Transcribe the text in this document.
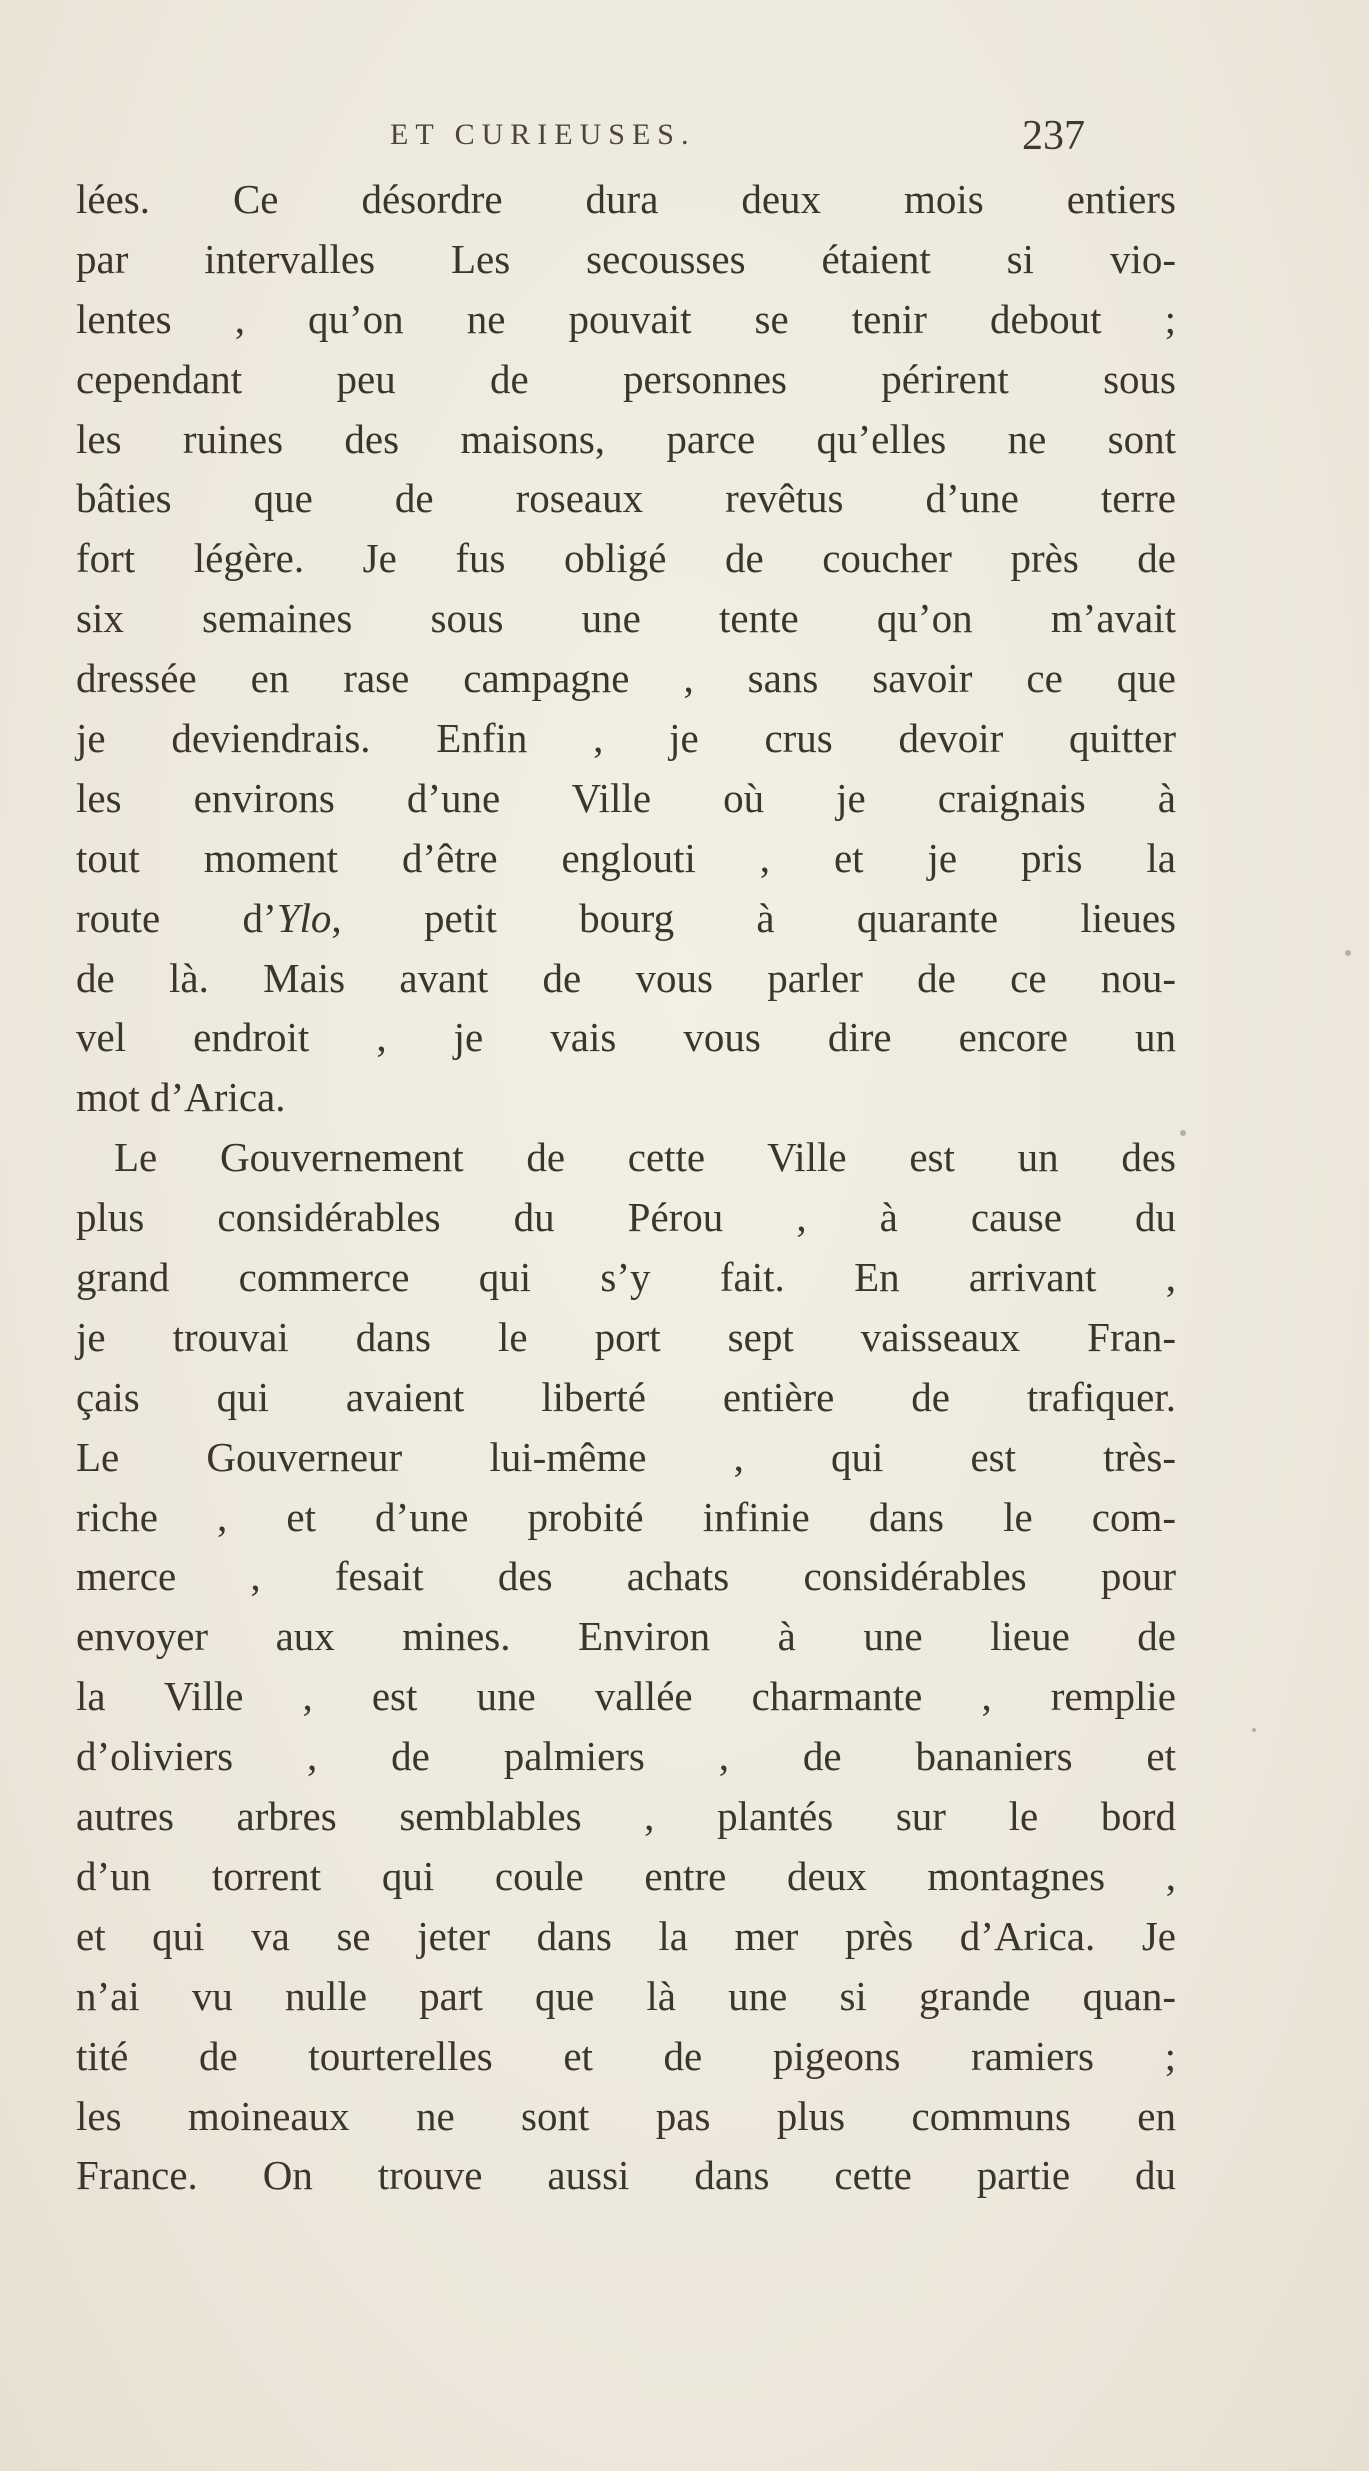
ET CURIEUSES.	237
lées. Ce désordre dura deux mois entiers
par intervalles Les secousses étaient si vio-
lentes , qu’on ne pouvait se tenir debout ;
cependant peu de personnes périrent sous
les ruines des maisons, parce qu’elles ne sont
bâties que de roseaux revêtus d’une terre
fort légère. Je fus obligé de coucher près de
six semaines sous une tente qu’on m’avait
dressée en rase campagne , sans savoir ce que
je deviendrais. Enfin , je crus devoir quitter
les environs d’une Ville où je craignais à
tout moment d’être englouti , et je pris la
route d’Ylo, petit bourg à quarante lieues
de là. Mais avant de vous parler de ce nou-
vel endroit , je vais vous dire encore un
mot d’Arica.
Le Gouvernement de cette Ville est un des
plus considérables du Pérou , à cause du
grand commerce qui s’y fait. En arrivant ,
je trouvai dans le port sept vaisseaux Fran-
çais qui avaient liberté entière de trafiquer.
Le Gouverneur lui-même , qui est très-
riche , et d’une probité infinie dans le com-
merce , fesait des achats considérables pour
envoyer aux mines. Environ à une lieue de
la Ville , est une vallée charmante , remplie
d’oliviers , de palmiers , de bananiers et
autres arbres semblables , plantés sur le bord
d’un torrent qui coule entre deux montagnes ,
et qui va se jeter dans la mer près d’Arica. Je
n’ai vu nulle part que là une si grande quan-
tité de tourterelles et de pigeons ramiers ;
les moineaux ne sont pas plus communs en
France. On trouve aussi dans cette partie du
